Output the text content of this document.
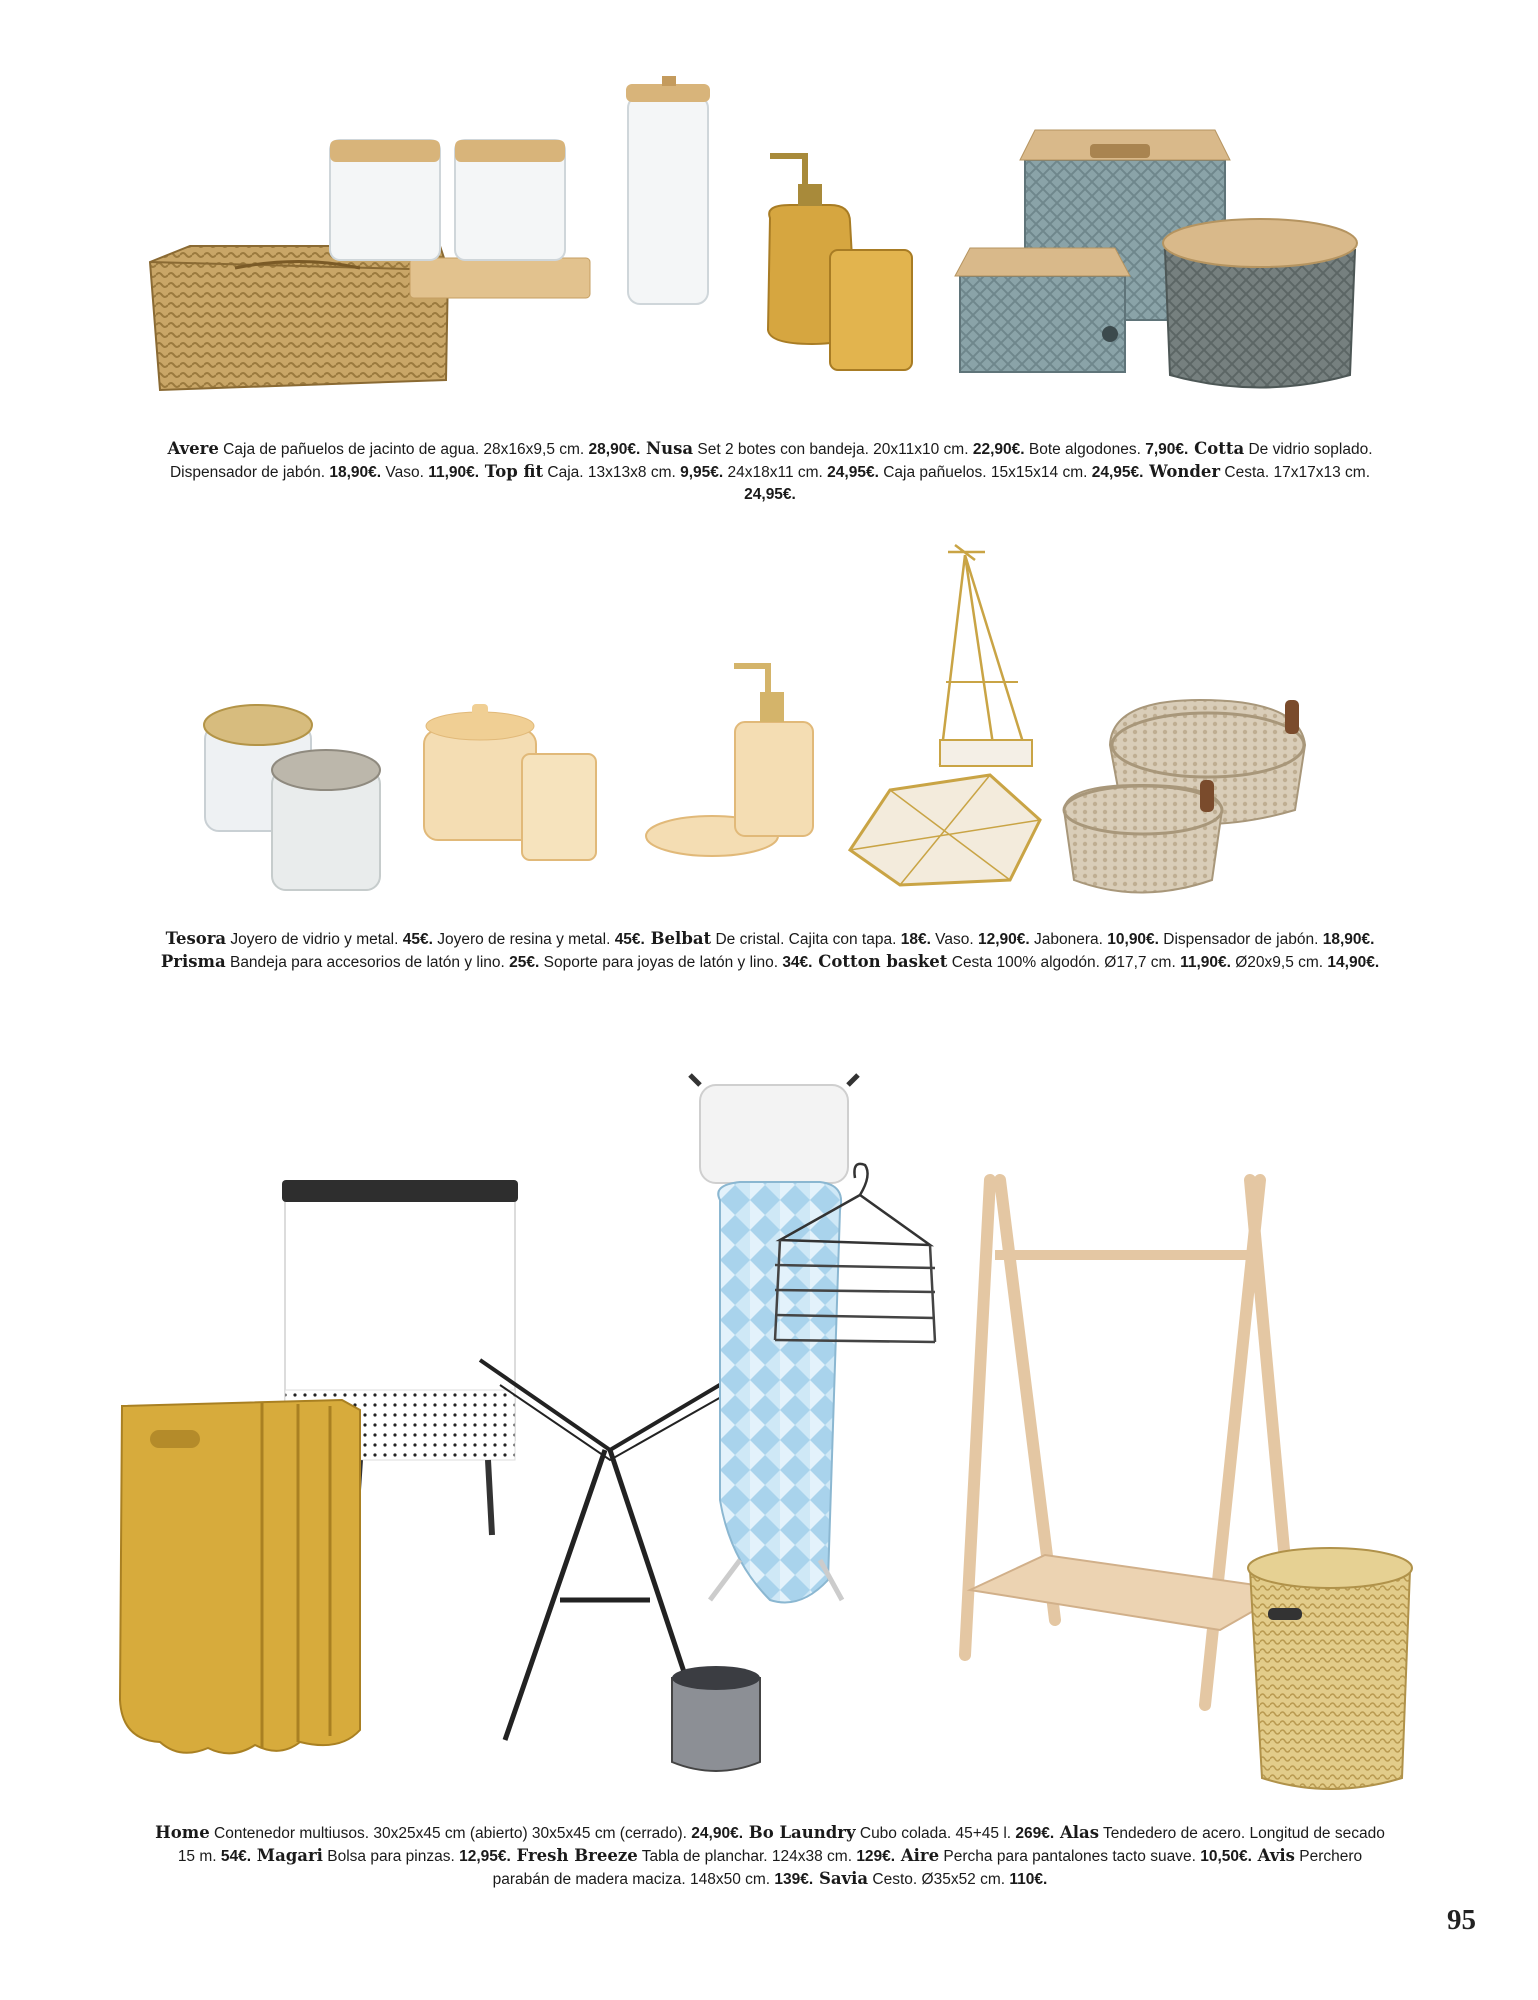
Avere Caja de pañuelos de jacinto de agua. 28x16x9,5 cm. 28,90€. Nusa Set 2 botes con bandeja. 20x11x10 cm. 22,90€. Bote algodones. 7,90€. Cotta De vidrio soplado. Dispensador de jabón. 18,90€. Vaso. 11,90€. Top fit Caja. 13x13x8 cm. 9,95€. 24x18x11 cm. 24,95€. Caja pañuelos. 15x15x14 cm. 24,95€. Wonder Cesta. 17x17x13 cm. 24,95€.
Tesora Joyero de vidrio y metal. 45€. Joyero de resina y metal. 45€. Belbat De cristal. Cajita con tapa. 18€. Vaso. 12,90€. Jabonera. 10,90€. Dispensador de jabón. 18,90€. Prisma Bandeja para accesorios de latón y lino. 25€. Soporte para joyas de latón y lino. 34€. Cotton basket Cesta 100% algodón. Ø17,7 cm. 11,90€. Ø20x9,5 cm. 14,90€.
Home Contenedor multiusos. 30x25x45 cm (abierto) 30x5x45 cm (cerrado). 24,90€. Bo Laundry Cubo colada. 45+45 l. 269€. Alas Tendedero de acero. Longitud de secado 15 m. 54€. Magari Bolsa para pinzas. 12,95€. Fresh Breeze Tabla de planchar. 124x38 cm. 129€. Aire Percha para pantalones tacto suave. 10,50€. Avis Perchero parabán de madera maciza. 148x50 cm. 139€. Savia Cesto. Ø35x52 cm. 110€.
95
